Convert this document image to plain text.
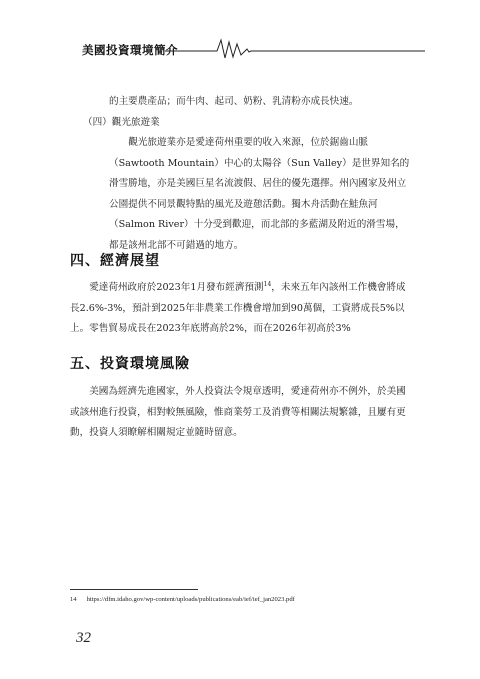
美國投資環境簡介
的主要農產品；而牛肉、起司、奶粉、乳清粉亦成長快速。
（四）觀光旅遊業
觀光旅遊業亦是愛達荷州重要的收入來源，位於鋸齒山脈（Sawtooth Mountain）中心的太陽谷（Sun Valley）是世界知名的滑雪勝地，亦是美國巨星名流渡假、居住的優先選擇。州內國家及州立公園提供不同景觀特點的風光及遊憩活動。獨木舟活動在鮭魚河（Salmon River）十分受到歡迎，而北部的多藍湖及附近的滑雪場，都是該州北部不可錯過的地方。
四、經濟展望
愛達荷州政府於2023年1月發布經濟預測$^{14}$，未來五年內該州工作機會將成長2.6%-3%，預計到2025年非農業工作機會增加到90萬個，工資將成長5%以上。零售貿易成長在2023年底將高於2%，而在2026年初高於3%
五、投資環境風險
美國為經濟先進國家，外人投資法令規章透明，愛達荷州亦不例外，於美國或該州進行投資，相對較無風險，惟商業勞工及消費等相關法規繁雜，且屢有更動，投資人須瞭解相關規定並隨時留意。
14 https://dfm.idaho.gov/wp-content/uploads/publications/eab/ief/ief_jan2023.pdf
32
